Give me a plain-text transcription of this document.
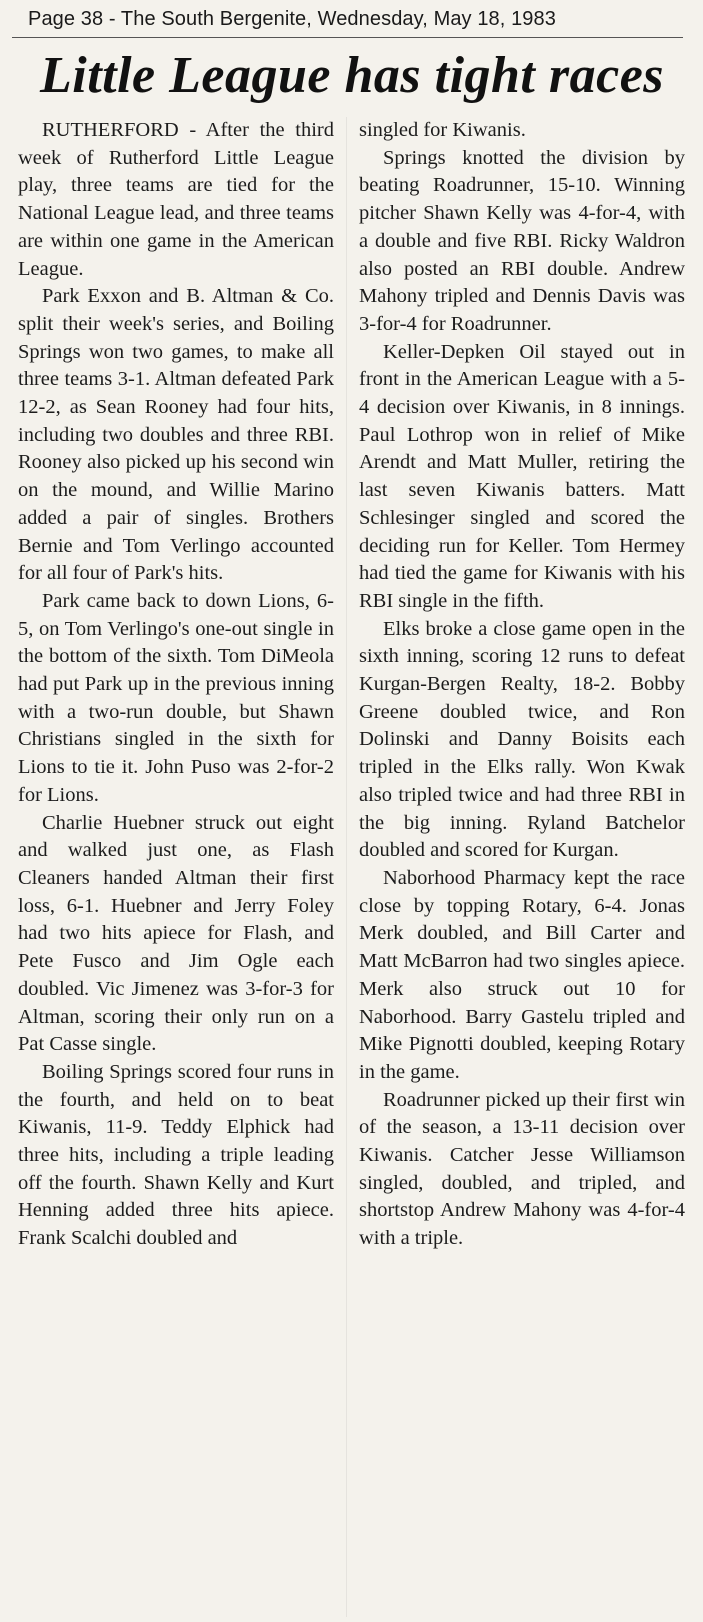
Page 38 - The South Bergenite, Wednesday, May 18, 1983
Little League has tight races

RUTHERFORD - After the third week of Rutherford Little League play, three teams are tied for the National League lead, and three teams are within one game in the American League.

Park Exxon and B. Altman & Co. split their week's series, and Boiling Springs won two games, to make all three teams 3-1. Altman defeated Park 12-2, as Sean Rooney had four hits, including two doubles and three RBI. Rooney also picked up his second win on the mound, and Willie Marino added a pair of singles. Brothers Bernie and Tom Verlingo accounted for all four of Park's hits.

Park came back to down Lions, 6-5, on Tom Verlingo's one-out single in the bottom of the sixth. Tom DiMeola had put Park up in the previous inning with a two-run double, but Shawn Christians singled in the sixth for Lions to tie it. John Puso was 2-for-2 for Lions.

Charlie Huebner struck out eight and walked just one, as Flash Cleaners handed Altman their first loss, 6-1. Huebner and Jerry Foley had two hits apiece for Flash, and Pete Fusco and Jim Ogle each doubled. Vic Jimenez was 3-for-3 for Altman, scoring their only run on a Pat Casse single.

Boiling Springs scored four runs in the fourth, and held on to beat Kiwanis, 11-9. Teddy Elphick had three hits, including a triple leading off the fourth. Shawn Kelly and Kurt Henning added three hits apiece. Frank Scalchi doubled and

singled for Kiwanis.

Springs knotted the division by beating Roadrunner, 15-10. Winning pitcher Shawn Kelly was 4-for-4, with a double and five RBI. Ricky Waldron also posted an RBI double. Andrew Mahony tripled and Dennis Davis was 3-for-4 for Roadrunner.

Keller-Depken Oil stayed out in front in the American League with a 5-4 decision over Kiwanis, in 8 innings. Paul Lothrop won in relief of Mike Arendt and Matt Muller, retiring the last seven Kiwanis batters. Matt Schlesinger singled and scored the deciding run for Keller. Tom Hermey had tied the game for Kiwanis with his RBI single in the fifth.

Elks broke a close game open in the sixth inning, scoring 12 runs to defeat Kurgan-Bergen Realty, 18-2. Bobby Greene doubled twice, and Ron Dolinski and Danny Boisits each tripled in the Elks rally. Won Kwak also tripled twice and had three RBI in the big inning. Ryland Batchelor doubled and scored for Kurgan.

Naborhood Pharmacy kept the race close by topping Rotary, 6-4. Jonas Merk doubled, and Bill Carter and Matt McBarron had two singles apiece. Merk also struck out 10 for Naborhood. Barry Gastelu tripled and Mike Pignotti doubled, keeping Rotary in the game.

Roadrunner picked up their first win of the season, a 13-11 decision over Kiwanis. Catcher Jesse Williamson singled, doubled, and tripled, and shortstop Andrew Mahony was 4-for-4 with a triple.
